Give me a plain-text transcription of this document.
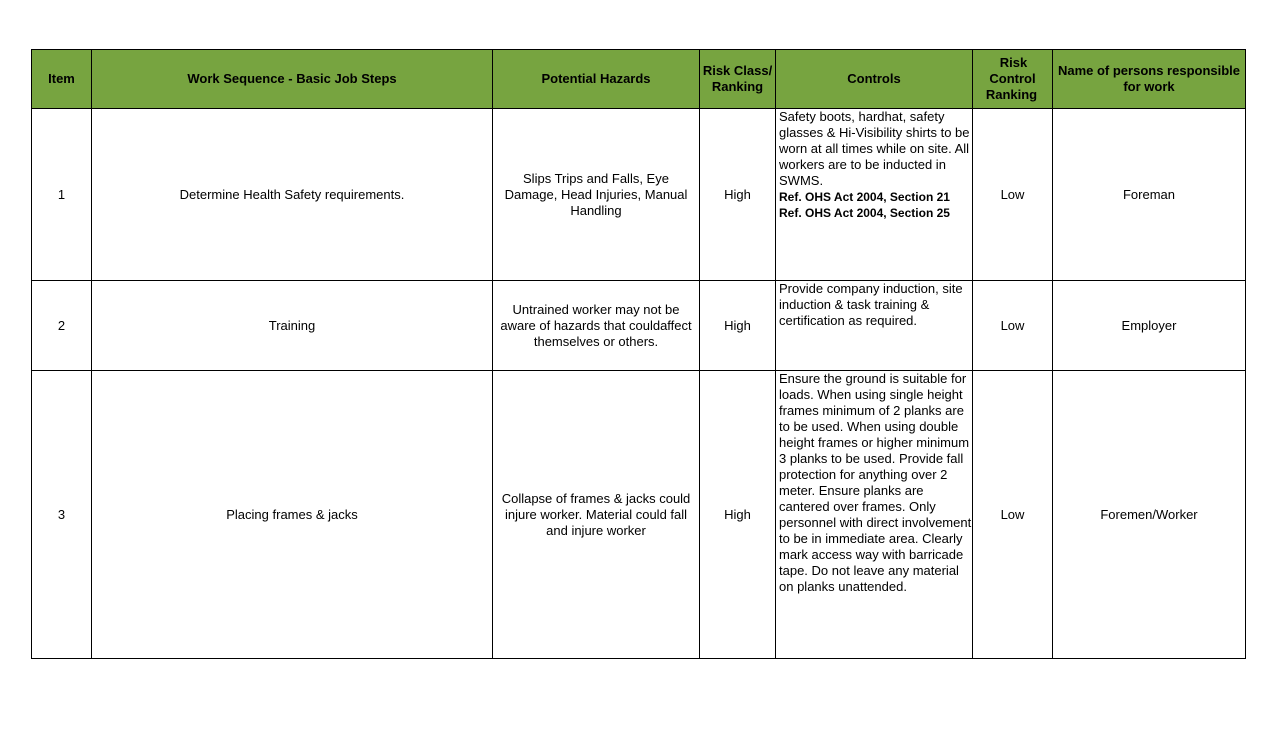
Item	Work Sequence - Basic Job Steps	Potential Hazards	Risk Class/ Ranking	Controls	Risk Control Ranking	Name of persons responsible for work
1	Determine Health Safety requirements.	Slips Trips and Falls, Eye Damage, Head Injuries, Manual Handling	High	Safety boots, hardhat, safety glasses & Hi-Visibility shirts to be worn at all times while on site. All workers are to be inducted in SWMS.
Ref. OHS Act 2004, Section 21
Ref. OHS Act 2004, Section 25	Low	Foreman
2	Training	Untrained worker may not be aware of hazards that couldaffect themselves or others.	High	Provide company induction, site induction & task training & certification as required.	Low	Employer
3	Placing frames & jacks	Collapse of frames & jacks could injure worker. Material could fall and injure worker	High	Ensure the ground is suitable for loads. When using single height frames minimum of 2 planks are to be used. When using double height frames or higher minimum 3 planks to be used. Provide fall protection for anything over 2 meter. Ensure planks are cantered over frames. Only personnel with direct involvement to be in immediate area. Clearly mark access way with barricade tape. Do not leave any material on planks unattended.	Low	Foremen/Worker
